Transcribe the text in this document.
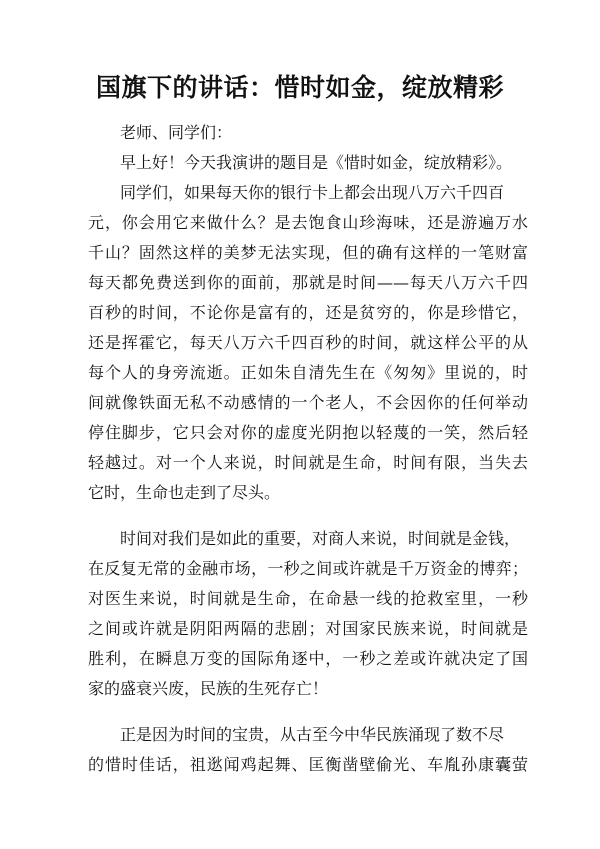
国旗下的讲话：惜时如金，绽放精彩
老师、同学们：
早上好！今天我演讲的题目是《惜时如金，绽放精彩》。
同学们，如果每天你的银行卡上都会出现八万六千四百
元，你会用它来做什么？是去饱食山珍海味，还是游遍万水
千山？固然这样的美梦无法实现，但的确有这样的一笔财富
每天都免费送到你的面前，那就是时间——每天八万六千四
百秒的时间，不论你是富有的，还是贫穷的，你是珍惜它，
还是挥霍它，每天八万六千四百秒的时间，就这样公平的从
每个人的身旁流逝。正如朱自清先生在《匆匆》里说的，时
间就像铁面无私不动感情的一个老人，不会因你的任何举动
停住脚步，它只会对你的虚度光阴抱以轻蔑的一笑，然后轻
轻越过。对一个人来说，时间就是生命，时间有限，当失去
它时，生命也走到了尽头。
时间对我们是如此的重要，对商人来说，时间就是金钱，
在反复无常的金融市场，一秒之间或许就是千万资金的博弈；
对医生来说，时间就是生命，在命悬一线的抢救室里，一秒
之间或许就是阴阳两隔的悲剧；对国家民族来说，时间就是
胜利，在瞬息万变的国际角逐中，一秒之差或许就决定了国
家的盛衰兴废，民族的生死存亡！
正是因为时间的宝贵，从古至今中华民族涌现了数不尽
的惜时佳话，祖逖闻鸡起舞、匡衡凿壁偷光、车胤孙康囊萤
